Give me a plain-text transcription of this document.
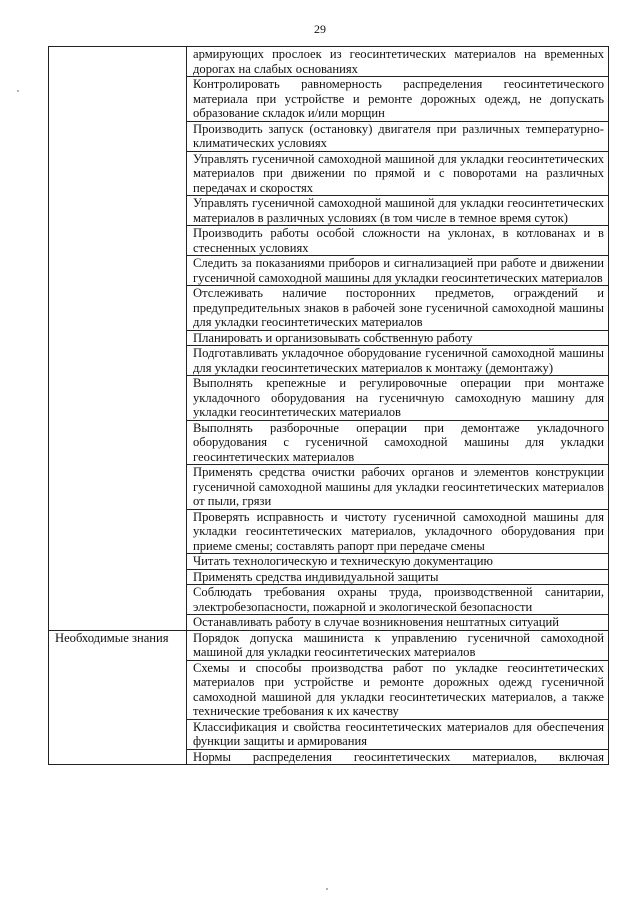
29
	армирующих прослоек из геосинтетических материалов на временных дорогах на слабых основаниях
	Контролировать равномерность распределения геосинтетического материала при устройстве и ремонте дорожных одежд, не допускать образование складок и/или морщин
	Производить запуск (остановку) двигателя при различных температурно-климатических условиях
	Управлять гусеничной самоходной машиной для укладки геосинтетических материалов при движении по прямой и с поворотами на различных передачах и скоростях
	Управлять гусеничной самоходной машиной для укладки геосинтетических материалов в различных условиях (в том числе в темное время суток)
	Производить работы особой сложности на уклонах, в котлованах и в стесненных условиях
	Следить за показаниями приборов и сигнализацией при работе и движении гусеничной самоходной машины для укладки геосинтетических материалов
	Отслеживать наличие посторонних предметов, ограждений и предупредительных знаков в рабочей зоне гусеничной самоходной машины для укладки геосинтетических материалов
	Планировать и организовывать собственную работу
	Подготавливать укладочное оборудование гусеничной самоходной машины для укладки геосинтетических материалов к монтажу (демонтажу)
	Выполнять крепежные и регулировочные операции при монтаже укладочного оборудования на гусеничную самоходную машину для укладки геосинтетических материалов
	Выполнять разборочные операции при демонтаже укладочного оборудования с гусеничной самоходной машины для укладки геосинтетических материалов
	Применять средства очистки рабочих органов и элементов конструкции гусеничной самоходной машины для укладки геосинтетических материалов от пыли, грязи
	Проверять исправность и чистоту гусеничной самоходной машины для укладки геосинтетических материалов, укладочного оборудования при приеме смены; составлять рапорт при передаче смены
	Читать технологическую и техническую документацию
	Применять средства индивидуальной защиты
	Соблюдать требования охраны труда, производственной санитарии, электробезопасности, пожарной и экологической безопасности
	Останавливать работу в случае возникновения нештатных ситуаций
Необходимые знания	Порядок допуска машиниста к управлению гусеничной самоходной машиной для укладки геосинтетических материалов
	Схемы и способы производства работ по укладке геосинтетических материалов при устройстве и ремонте дорожных одежд гусеничной самоходной машиной для укладки геосинтетических материалов, а также технические требования к их качеству
	Классификация и свойства геосинтетических материалов для обеспечения функции защиты и армирования
	Нормы распределения геосинтетических материалов, включая
